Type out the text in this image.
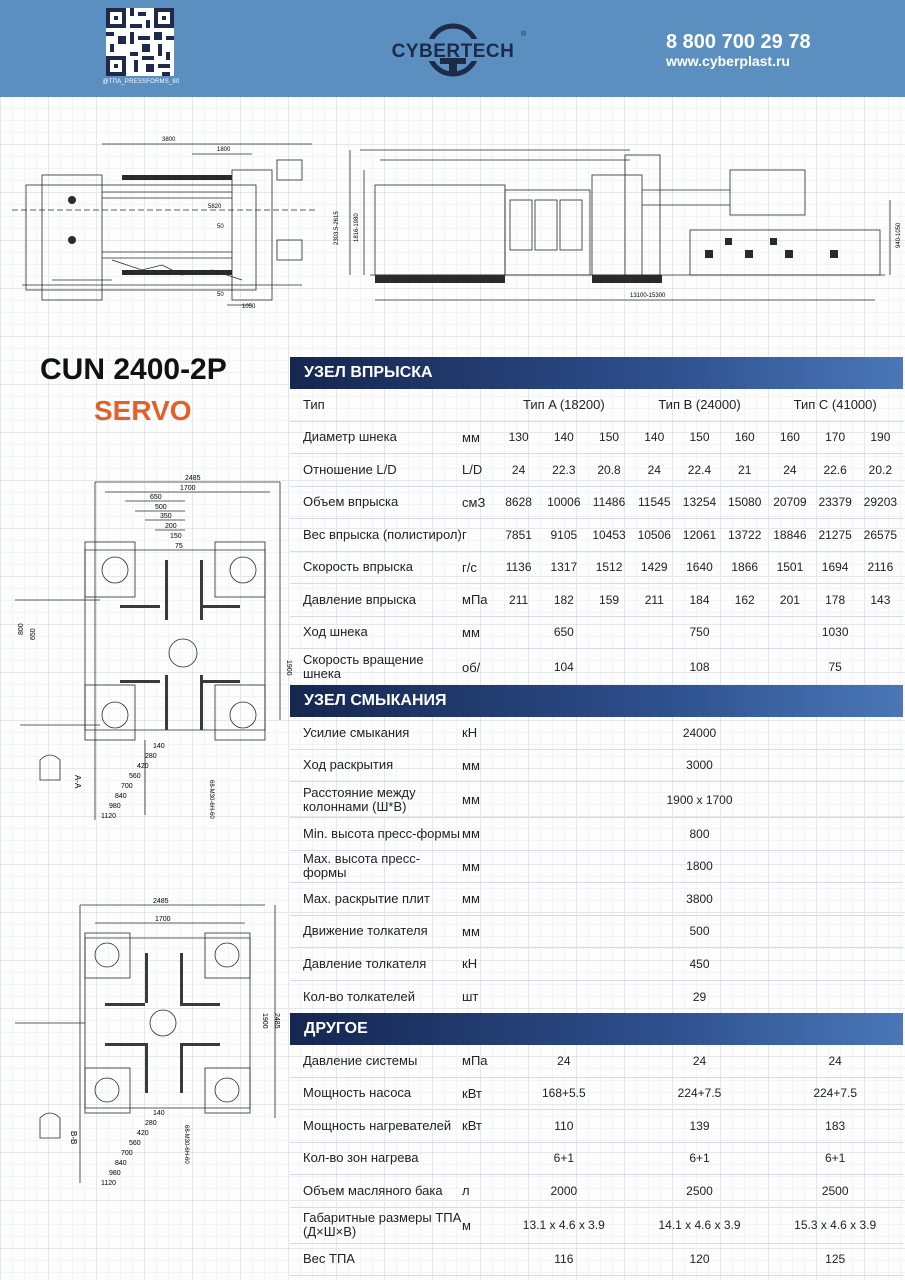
@ТПА_PRESSFORMS_80
CYBERTECH
®	8 800 700 29 78
www.cyberplast.ru
3800
1800
5820
50
1050
50	13100-15300
2303.5-2615 1816-1980	940-1050
CUN 2400-2P
SERVO
2485
1700
650
500
350
200
150
75
1900
800 650
140
280
420
560
700
840
980
1120
A-A	68-M30-6H-60
2485
1700
1900 2485
140
280
420
560
700
840
980
1120
B-B	68-M30-6H-60
УЗЕЛ ВПРЫСКА
Тип	Тип A (18200)	Тип B (24000)	Тип C (41000)
Диаметр шнека	мм	130	140	150	140	150	160	160	170	190
Отношение L/D	L/D	24	22.3	20.8	24	22.4	21	24	22.6	20.2
Объем впрыска	смЗ	8628	10006	11486	11545	13254 15080 20709 23379 29203
Вес впрыска (полистирол) г	7851	9105	10453 10506 12061 13722 18846 21275 26575
Скорость впрыска	г/с	1136	1317	1512	1429	1640	1866	1501	1694	2116
Давление впрыска	мПа	211	182	159	211	184	162	201	178	143
Ход шнека	мм	650	750	1030
Скорость вращение шнека	об/	104	108	75
УЗЕЛ СМЫКАНИЯ
Усилие смыкания	кН	24000
Ход раскрытия	мм	3000
Расстояние между колоннами (Ш*В)	мм	1900 х 1700
Min. высота пресс-формы мм	800
Max. высота пресс-формы	мм	1800
Max. раскрытие плит	мм	3800
Движение толкателя	мм	500
Давление толкателя	кН	450
Кол-во толкателей	шт	29
ДРУГОЕ
Давление системы	мПа	24	24	24
Мощность насоса	кВт	168+5.5	224+7.5	224+7.5
Мощность нагревателей кВт	110	139	183
Кол-во зон нагрева	6+1	6+1	6+1
Объем масляного бака	л	2000	2500	2500
Габаритные размеры ТПА (Д×Ш×В)	м	13.1 х 4.6 х 3.9	14.1 х 4.6 х 3.9	15.3 х 4.6 х 3.9
Вес ТПА	116	120	125
